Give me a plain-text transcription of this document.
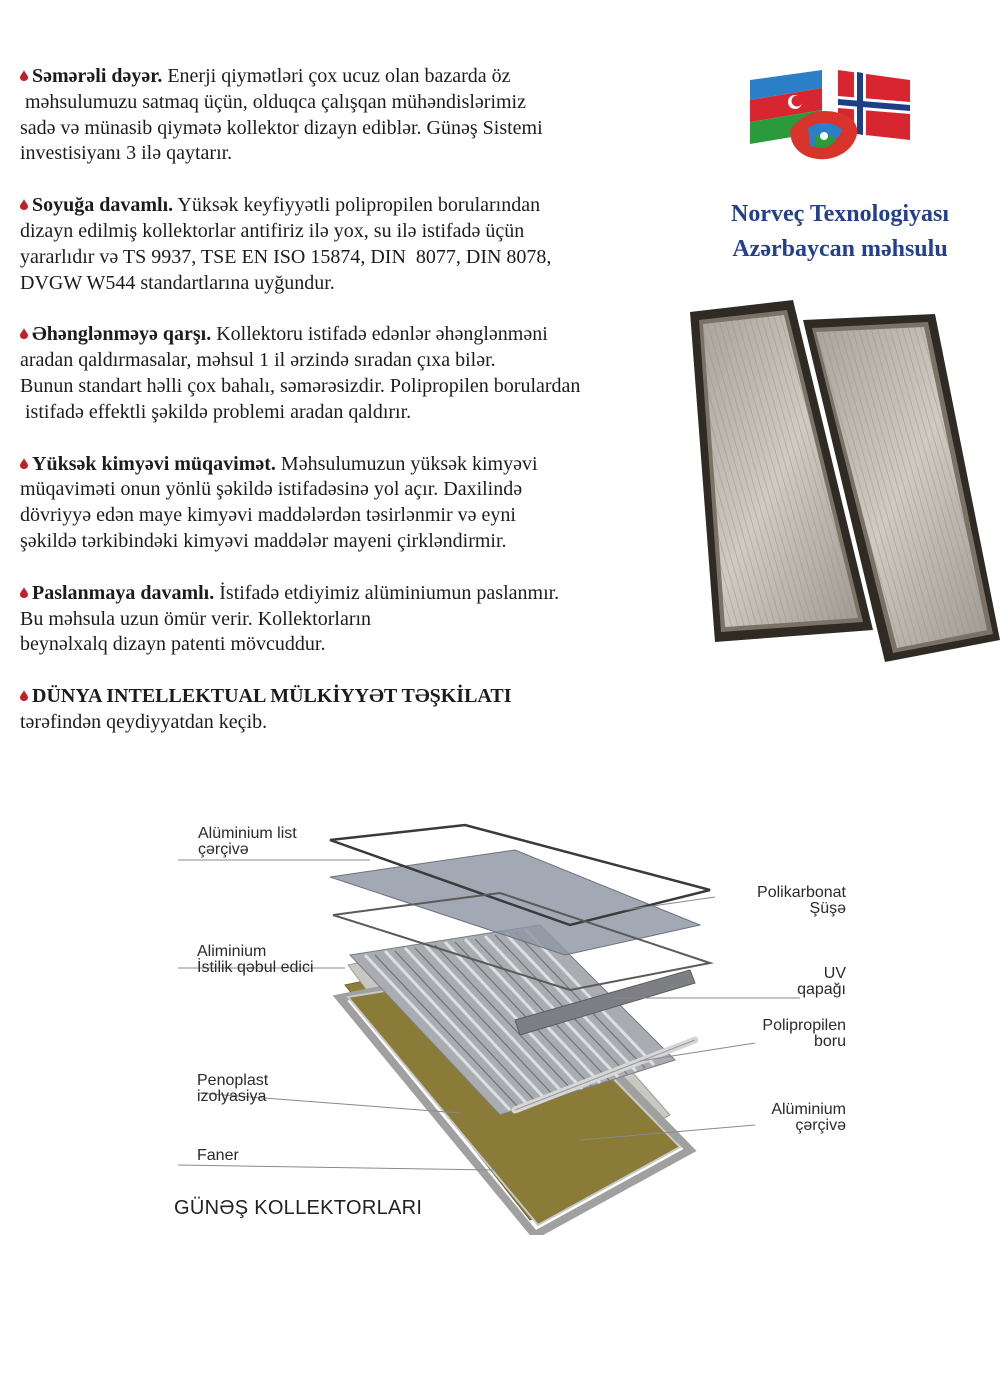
Səmərəli dəyər. Enerji qiymətləri çox ucuz olan bazarda öz
məhsulumuzu satmaq üçün, olduqca çalışqan mühəndislərimiz
sadə və münasib qiymətə kollektor dizayn ediblər. Günəş Sistemi
investisiyanı 3 ilə qaytarır.
Soyuğa davamlı. Yüksək keyfiyyətli polipropilen borularından
dizayn edilmiş kollektorlar antifiriz ilə yox, su ilə istifadə üçün
yararlıdır və TS 9937, TSE EN ISO 15874, DIN  8077, DIN 8078,
DVGW W544 standartlarına uyğundur.
Əhənglənməyə qarşı. Kollektoru istifadə edənlər əhənglənməni
aradan qaldırmasalar, məhsul 1 il ərzində sıradan çıxa bilər.
Bunun standart həlli çox bahalı, səmərəsizdir. Polipropilen borulardan
istifadə effektli şəkildə problemi aradan qaldırır.
Yüksək kimyəvi müqavimət. Məhsulumuzun yüksək kimyəvi
müqaviməti onun yönlü şəkildə istifadəsinə yol açır. Daxilində
dövriyyə edən maye kimyəvi maddələrdən təsirlənmir və eyni
şəkildə tərkibindəki kimyəvi maddələr mayeni çirkləndirmir.
Paslanmaya davamlı. İstifadə etdiyimiz alüminiumun paslanmır.
Bu məhsula uzun ömür verir. Kollektorların
beynəlxalq dizayn patenti mövcuddur.
DÜNYA INTELLEKTUAL MÜLKİYYƏT TƏŞKİLATI
tərəfindən qeydiyyatdan keçib.
Norveç Texnologiyası
Azərbaycan məhsulu
Alüminium list
çərçivə
Aliminium
İstilik qəbul edici
Penoplast
izolyasiya
Faner
Polikarbonat
Şüşə
UV
qapağı
Polipropilen
boru
Alüminium
çərçivə
GÜNƏŞ KOLLEKTORLARI
